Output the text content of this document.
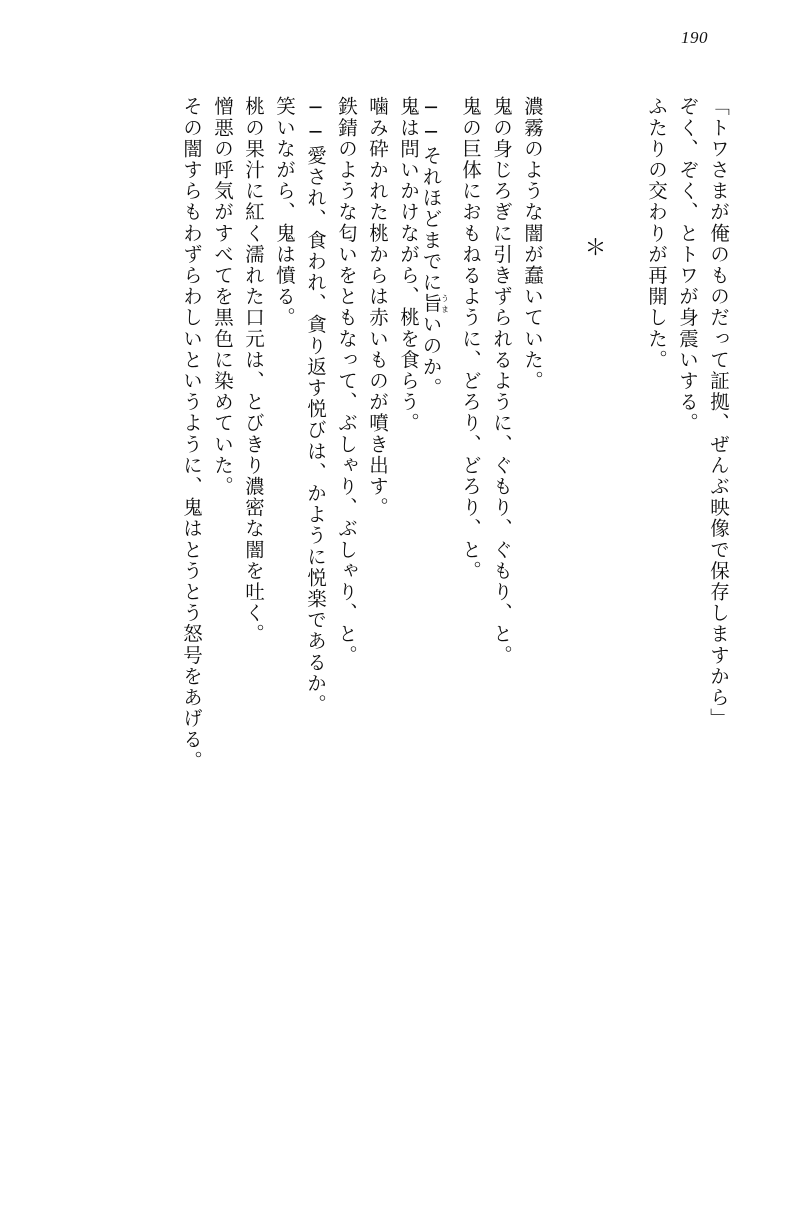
190
「トワさまが俺のものだって証拠、ぜんぶ映像で保存しますから」
ぞく、ぞく、とトワが身震いする。
ふたりの交わりが再開した。
＊
濃霧のような闇が蠢いていた。
鬼の身じろぎに引きずられるように、ぐもり、ぐもり、と。
鬼の巨体におもねるように、どろり、どろり、と。
──それほどまでに旨うまいのか。
鬼は問いかけながら、桃を食らう。
噛み砕かれた桃からは赤いものが噴き出す。
鉄錆のような匂いをともなって、ぶしゃり、ぶしゃり、と。
──愛され、食われ、貪り返す悦びは、かように悦楽であるか。
笑いながら、鬼は憤る。
桃の果汁に紅く濡れた口元は、とびきり濃密な闇を吐く。
憎悪の呼気がすべてを黒色に染めていた。
その闇すらもわずらわしいというように、鬼はとうとう怒号をあげる。
